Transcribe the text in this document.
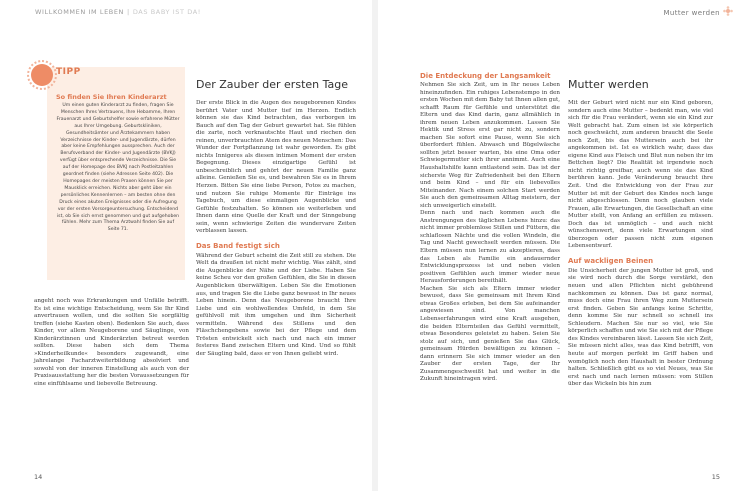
WILLKOMMEN IM LEBEN | DAS BABY IST DA!
TIPP
So finden Sie Ihren Kinderarzt
Um einen guten Kinderarzt zu finden, fragen Sie Menschen Ihres Vertrauens, Ihre Hebamme, Ihren Frauenarzt und Geburtshelfer sowie erfahrene Mütter aus Ihrer Umgebung. Geburtskliniken, Gesundheitsämter und Ärztekammern haben Verzeichnisse der Kinder- und Jugendärzte, dürfen aber keine Empfehlungen aussprechen. Auch der Berufsverband der Kinder- und Jugendärzte (BVKJ) verfügt über entsprechende Verzeichnisse. Die Sie auf der Homepage des BVKJ nach Postleitzahlen geordnet finden (siehe Adressen Seite 402). Die Homepages der meisten Praxen können Sie per Mausklick erreichen. Nichts aber geht über ein persönliches Kennenlernen – am besten ohne den Druck eines akuten Ereignisses oder die Aufregung vor der ersten Vorsorgeuntersuchung. Entscheidend ist, ob Sie sich ernst genommen und gut aufgehoben fühlen. Mehr zum Thema Arztwahl finden Sie auf Seite 71.

angeht noch was Erkrankungen und Unfälle betrifft. Es ist eine wichtige Entscheidung, wem Sie Ihr Kind anvertrauen wollen, und die sollten Sie sorgfältig treffen (siehe Kasten oben). Bedenken Sie auch, dass Kinder, vor allem Neugeborene und Säuglinge, von Kinderärztinnen und Kinderärzten betreut werden sollten. Diese haben sich dem Thema »Kinderheilkunde« besonders zugewandt, eine jahrelange Facharztweiterbildung absolviert und sowohl von der inneren Einstellung als auch von der Praxisausstattung her die besten Voraussetzungen für eine einfühlsame und liebevolle Betreuung.

Der Zauber der ersten Tage

Der erste Blick in die Augen des neugeborenen Kindes berührt Vater und Mutter tief im Herzen. Endlich können sie das Kind betrachten, das verborgen im Bauch auf den Tag der Geburt gewartet hat. Sie fühlen die zarte, noch verknautschte Haut und riechen den reinen, unverbrauchten Atem des neuen Menschen: Das Wunder der Fortpflanzung ist wahr geworden. Es gibt nichts Innigeres als diesen intimen Moment der ersten Begegnung. Dieses einzigartige Gefühl ist unbeschreiblich und gehört der neuen Familie ganz alleine. Genießen Sie es, und bewahren Sie es in Ihrem Herzen. Bitten Sie eine liebe Person, Fotos zu machen, und nutzen Sie ruhige Momente für Einträge ins Tagebuch, um diese einmaligen Augenblicke und Gefühle festzuhalten. So können sie weiterleben und Ihnen dann eine Quelle der Kraft und der Sinngebung sein, wenn schwierige Zeiten die wundervare Zeiten verblassen lassen.

Das Band festigt sich

Während der Geburt scheint die Zeit still zu stehen. Die Welt da draußen ist nicht mehr wichtig. Was zählt, sind die Augenblicke der Nähe und der Liebe. Haben Sie keine Scheu vor den großen Gefühlen, die Sie in diesen Augenblicken überwältigen. Leben Sie die Emotionen aus, und tragen Sie die Liebe ganz bewusst in Ihr neues Leben hinein. Denn das Neugeborene braucht Ihre Liebe und ein wohlwollendes Umfeld, in dem Sie gefühlvoll mit ihm umgehen und ihm Sicherheit vermitteln. Während des Stillens und den Fläschchengebens sowie bei der Pflege und dem Trösten entwickelt sich nach und nach ein immer festeres Band zwischen Eltern und Kind. Und so fühlt der Säugling bald, dass er von Ihnen geliebt wird.

14
Mutter werden
Die Entdeckung der Langsamkeit

Nehmen Sie sich Zeit, um in Ihr neues Leben hineinzufinden. Ein ruhiges Lebenstempo in den ersten Wochen mit dem Baby tut Ihnen allen gut, schafft Raum für Gefühle und unterstützt die Eltern und das Kind darin, ganz allmählich in ihrem neuen Leben anzukommen. Lassen Sie Hektik und Stress erst gar nicht zu, sondern machen Sie sofort eine Pause, wenn Sie sich überfordert fühlen. Abwasch und Bügelwäsche sollten jetzt besser warten, bis eine Oma oder Schwiegermutter sich ihrer annimmt. Auch eine Haushaltshilfe kann entlastend sein. Das ist der sicherste Weg für Zufriedenheit bei den Eltern und beim Kind – und für ein liebevolles Miteinander. Nach einem solchen Start werden Sie auch den gemeinsamen Alltag meistern, der sich unweigerlich einstellt.

Denn nach und nach kommen auch die Anstrengungen des täglichen Lebens hinzu: das nicht immer problemlose Stillen und Füttern, die schlaflosen Nächte und die vollen Windeln, die Tag und Nacht gewechselt werden müssen. Die Eltern müssen nun lernen zu akzeptieren, dass das Leben als Familie ein andauernder Entwicklungsprozess ist und neben vielen positiven Gefühlen auch immer wieder neue Herausforderungen bereithält.

Machen Sie sich als Eltern immer wieder bewusst, dass Sie gemeinsam mit Ihrem Kind etwas Großes erleben, bei dem Sie aufeinander angewiesen sind. Von manchen Lebenserfahrungen wird eine Kraft ausgehen, die beiden Elternteilen das Gefühl vermittelt, etwas Besonderes geleistet zu haben. Seien Sie stolz auf sich, und genießen Sie das Glück, gemeinsam Hürden bewältigen zu können – dann erinnern Sie sich immer wieder an den Zauber der ersten Tage, der Ihr Zusammengeschweißt hat und weiter in die Zukunft hineintragen wird.

Mutter werden

Mit der Geburt wird nicht nur ein Kind geboren, sondern auch eine Mutter – bedenkt man, wie viel sich für die Frau verändert, wenn sie ein Kind zur Welt gebracht hat. Zum einen ist sie körperlich noch geschwächt, zum anderen braucht die Seele noch Zeit, bis das Muttersein auch bei ihr angekommen ist. Ist es wirklich wahr, dass das eigene Kind aus Fleisch und Blut nun neben ihr im Bettchen liegt? Die Realität ist irgendwie noch nicht richtig greifbar, auch wenn sie das Kind berühren kann. Jede Veränderung braucht ihre Zeit. Und die Entwicklung von der Frau zur Mutter ist mit der Geburt des Kindes noch lange nicht abgeschlossen. Denn noch glauben viele Frauen, alle Erwartungen, die Gesellschaft an eine Mutter stellt, von Anfang an erfüllen zu müssen. Doch das ist unmöglich – und auch nicht wünschenswert, denn viele Erwartungen sind überzogen oder passen nicht zum eigenen Lebensentwurf.

Auf wackligen Beinen

Die Unsicherheit der jungen Mutter ist groß, und sie wird noch durch die Sorge verstärkt, den neuen und allen Pflichten nicht gebührend nachkommen zu können. Das ist ganz normal, muss doch eine Frau ihren Weg zum Muttersein erst finden. Geben Sie anfangs keine Schritte, denn komme Sie nur schnell so schnell ins Schleudern. Machen Sie nur so viel, wie Sie körperlich schaffen und wie Sie sich mit der Pflege des Kindes vereinbaren lässt. Lassen Sie sich Zeit, Sie müssen nicht alles, was das Kind betrifft, von heute auf morgen perfekt im Griff haben und womöglich noch den Haushalt in bester Ordnung halten. Schließlich gibt es so viel Neues, was Sie erst nach und nach lernen müssen: vom Stillen über das Wickeln bis hin zum

15
